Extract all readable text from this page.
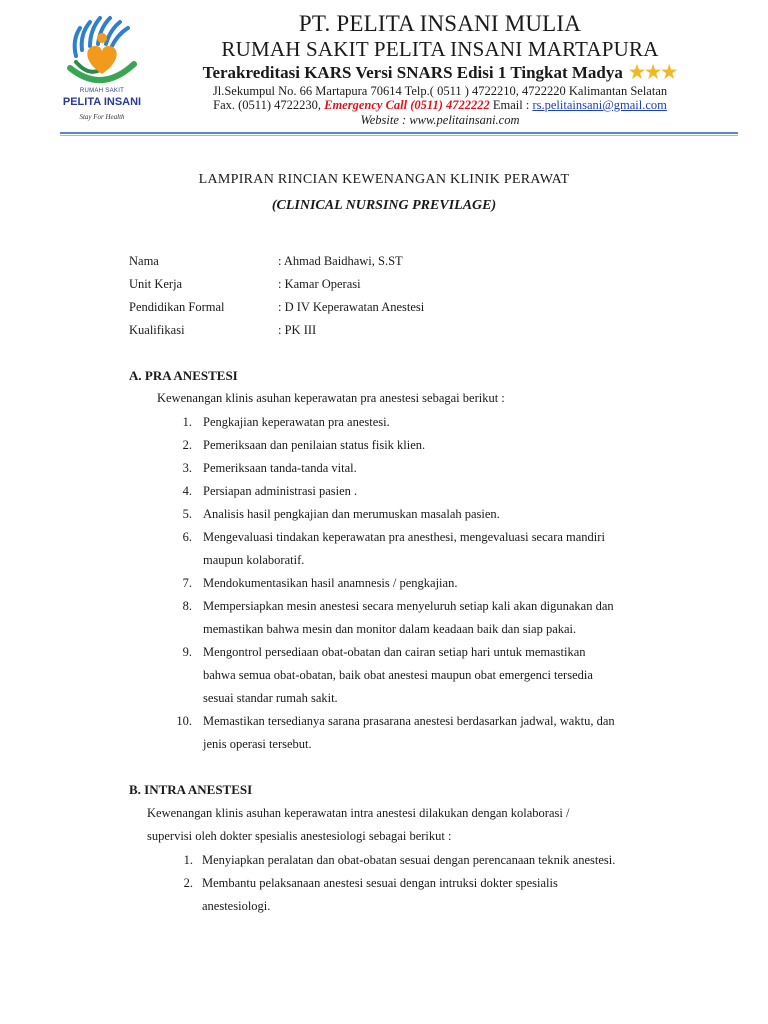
RUMAH SAKIT
PELITA INSANI
Stay For Health
PT. PELITA INSANI MULIA
RUMAH SAKIT PELITA INSANI MARTAPURA
Terakreditasi KARS Versi SNARS Edisi 1 Tingkat Madya ★★★
Jl.Sekumpul No. 66 Martapura 70614 Telp.( 0511 ) 4722210, 4722220 Kalimantan Selatan
Fax. (0511) 4722230, Emergency Call (0511) 4722222 Email : rs.pelitainsani@gmail.com
Website : www.pelitainsani.com
LAMPIRAN RINCIAN KEWENANGAN KLINIK PERAWAT
(CLINICAL NURSING PREVILAGE)
Nama	: Ahmad Baidhawi, S.ST
Unit Kerja	: Kamar Operasi
Pendidikan Formal	: D IV Keperawatan Anestesi
Kualifikasi	: PK III
A. PRA ANESTESI
Kewenangan klinis asuhan keperawatan pra anestesi sebagai berikut :
1. Pengkajian keperawatan pra anestesi.
2. Pemeriksaan dan penilaian status fisik klien.
3. Pemeriksaan tanda-tanda vital.
4. Persiapan administrasi pasien .
5. Analisis hasil pengkajian dan merumuskan masalah pasien.
6. Mengevaluasi tindakan keperawatan pra anesthesi, mengevaluasi secara mandiri
maupun kolaboratif.
7. Mendokumentasikan hasil anamnesis / pengkajian.
8. Mempersiapkan mesin anestesi secara menyeluruh setiap kali akan digunakan dan
memastikan bahwa mesin dan monitor dalam keadaan baik dan siap pakai.
9. Mengontrol persediaan obat-obatan dan cairan setiap hari untuk memastikan
bahwa semua obat-obatan, baik obat anestesi maupun obat emergenci tersedia
sesuai standar rumah sakit.
10. Memastikan tersedianya sarana prasarana anestesi berdasarkan jadwal, waktu, dan
jenis operasi tersebut.
B. INTRA ANESTESI
Kewenangan klinis asuhan keperawatan intra anestesi dilakukan dengan kolaborasi /
supervisi oleh dokter spesialis anestesiologi sebagai berikut :
1. Menyiapkan peralatan dan obat-obatan sesuai dengan perencanaan teknik anestesi.
2. Membantu pelaksanaan anestesi sesuai dengan intruksi dokter spesialis
anestesiologi.
